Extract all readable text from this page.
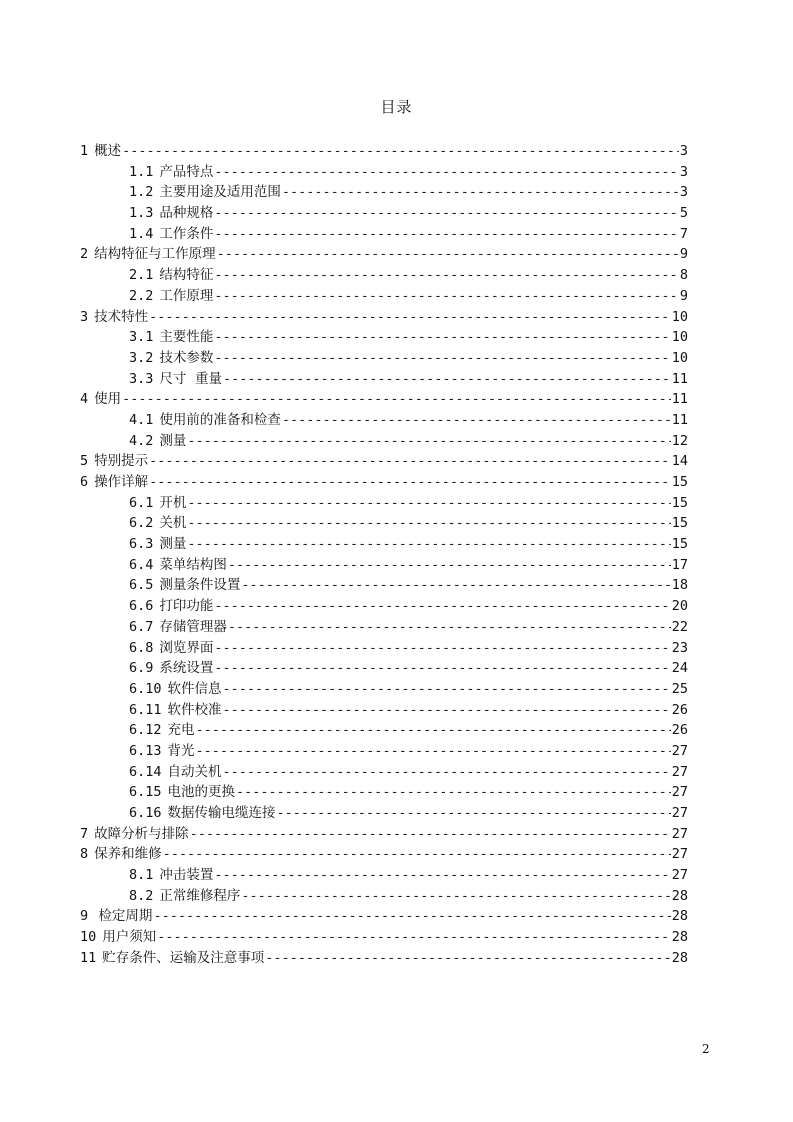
目录
1 概述 -----	3
1.1 产品特点 -----	3
1.2 主要用途及适用范围 -----	3
1.3 品种规格 -----	5
1.4 工作条件 -----	7
2 结构特征与工作原理 -----	9
2.1 结构特征 -----	8
2.2 工作原理 -----	9
3 技术特性 -----	10
3.1 主要性能 -----	10
3.2 技术参数 -----	10
3.3 尺寸  重量 -----	11
4 使用 -----	11
4.1 使用前的准备和检查 -----	11
4.2 测量 -----	12
5 特别提示 -----	14
6 操作详解 -----	15
6.1 开机 -----	15
6.2 关机 -----	15
6.3 测量 -----	15
6.4 菜单结构图 -----	17
6.5 测量条件设置 -----	18
6.6 打印功能 -----	20
6.7 存储管理器 -----	22
6.8 浏览界面 -----	23
6.9 系统设置 -----	24
6.10 软件信息 -----	25
6.11 软件校准 -----	26
6.12 充电 -----	26
6.13 背光 -----	27
6.14 自动关机 -----	27
6.15 电池的更换 -----	27
6.16 数据传输电缆连接 -----	27
7 故障分析与排除 -----	27
8 保养和维修 -----	27
8.1 冲击装置 -----	27
8.2 正常维修程序 -----	28
9 检定周期 -----	28
10 用户须知 -----	28
11 贮存条件、运输及注意事项 -----	28
2
